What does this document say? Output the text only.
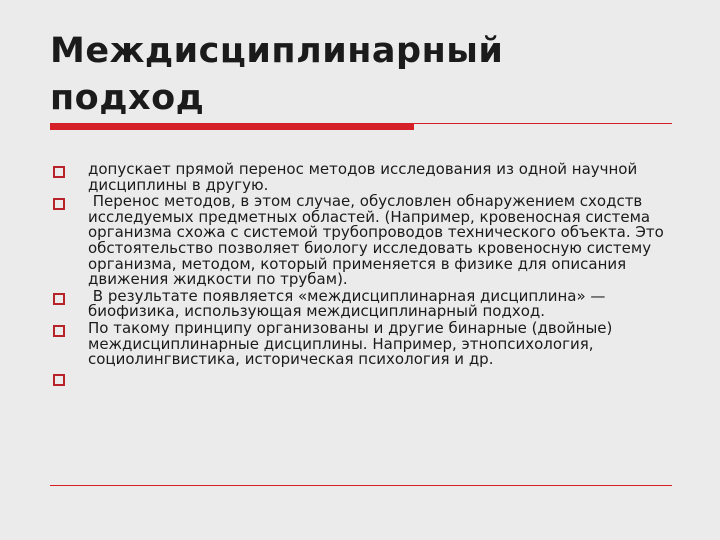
Междисциплинарный
подход
допускает прямой перенос методов исследования из одной научной дисциплины в другую.
Перенос методов, в этом случае, обусловлен обнаружением сходств исследуемых предметных областей. (Например, кровеносная система организма схожа с системой трубопроводов технического объекта. Это обстоятельство позволяет биологу исследовать кровеносную систему организма, методом, который применяется в физике для описания движения жидкости по трубам).
В результате появляется «междисциплинарная дисциплина» — биофизика, использующая междисциплинарный подход.
По такому принципу организованы и другие бинарные (двойные) междисциплинарные дисциплины. Например, этнопсихология, социолингвистика, историческая психология и др.
